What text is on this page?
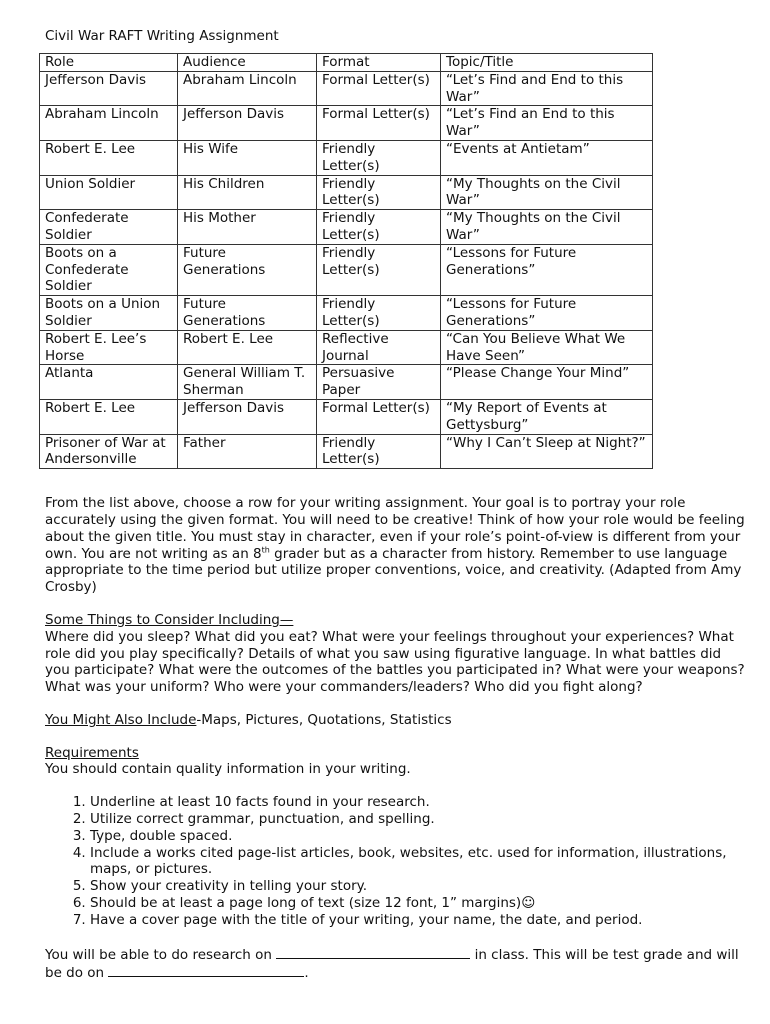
Civil War RAFT Writing Assignment
Role	Audience	Format	Topic/Title
Jefferson Davis	Abraham Lincoln	Formal Letter(s)	“Let’s Find and End to this War”
Abraham Lincoln	Jefferson Davis	Formal Letter(s)	“Let’s Find an End to this War”
Robert E. Lee	His Wife	Friendly Letter(s)	“Events at Antietam”
Union Soldier	His Children	Friendly Letter(s)	“My Thoughts on the Civil War”
Confederate Soldier	His Mother	Friendly Letter(s)	“My Thoughts on the Civil War”
Boots on a Confederate Soldier	Future Generations	Friendly Letter(s)	“Lessons for Future Generations”
Boots on a Union Soldier	Future Generations	Friendly Letter(s)	“Lessons for Future Generations”
Robert E. Lee’s Horse	Robert E. Lee	Reflective Journal	“Can You Believe What We Have Seen”
Atlanta	General William T. Sherman	Persuasive Paper	“Please Change Your Mind”
Robert E. Lee	Jefferson Davis	Formal Letter(s)	“My Report of Events at Gettysburg”
Prisoner of War at Andersonville	Father	Friendly Letter(s)	“Why I Can’t Sleep at Night?”

From the list above, choose a row for your writing assignment. Your goal is to portray your role accurately using the given format. You will need to be creative! Think of how your role would be feeling about the given title. You must stay in character, even if your role’s point-of-view is different from your own. You are not writing as an 8th grader but as a character from history. Remember to use language appropriate to the time period but utilize proper conventions, voice, and creativity. (Adapted from Amy Crosby)

Some Things to Consider Including—

Where did you sleep? What did you eat? What were your feelings throughout your experiences? What role did you play specifically? Details of what you saw using figurative language. In what battles did you participate? What were the outcomes of the battles you participated in? What were your weapons? What was your uniform? Who were your commanders/leaders? Who did you fight along?

You Might Also Include-Maps, Pictures, Quotations, Statistics

Requirements

You should contain quality information in your writing.

1. Underline at least 10 facts found in your research.
2. Utilize correct grammar, punctuation, and spelling.
3. Type, double spaced.
4. Include a works cited page-list articles, book, websites, etc. used for information, illustrations, maps, or pictures.
5. Show your creativity in telling your story.
6. Should be at least a page long of text (size 12 font, 1” margins)☺
7. Have a cover page with the title of your writing, your name, the date, and period.

You will be able to do research on	in class. This will be test grade and will be do on	.
